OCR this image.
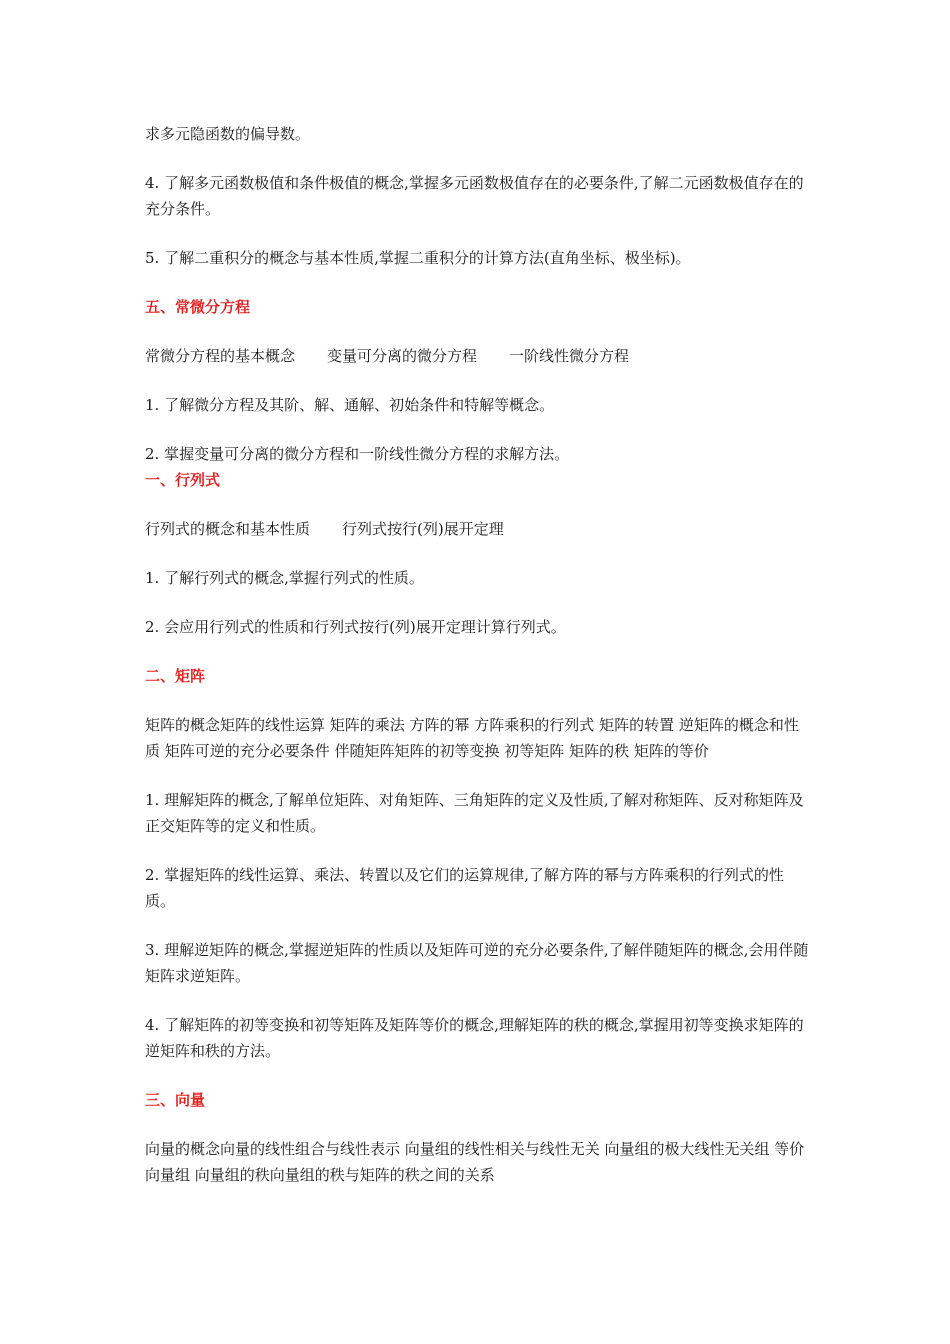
求多元隐函数的偏导数。
4. 了解多元函数极值和条件极值的概念,掌握多元函数极值存在的必要条件,了解二元函数极值存在的充分条件。
5. 了解二重积分的概念与基本性质,掌握二重积分的计算方法(直角坐标、极坐标)。
五、常微分方程
常微分方程的基本概念 变量可分离的微分方程 一阶线性微分方程
1. 了解微分方程及其阶、解、通解、初始条件和特解等概念。
2. 掌握变量可分离的微分方程和一阶线性微分方程的求解方法。
一、行列式
行列式的概念和基本性质 行列式按行(列)展开定理
1. 了解行列式的概念,掌握行列式的性质。
2. 会应用行列式的性质和行列式按行(列)展开定理计算行列式。
二、矩阵
矩阵的概念矩阵的线性运算 矩阵的乘法 方阵的幂 方阵乘积的行列式 矩阵的转置 逆矩阵的概念和性质 矩阵可逆的充分必要条件 伴随矩阵矩阵的初等变换 初等矩阵 矩阵的秩 矩阵的等价
1. 理解矩阵的概念,了解单位矩阵、对角矩阵、三角矩阵的定义及性质,了解对称矩阵、反对称矩阵及正交矩阵等的定义和性质。
2. 掌握矩阵的线性运算、乘法、转置以及它们的运算规律,了解方阵的幂与方阵乘积的行列式的性质。
3. 理解逆矩阵的概念,掌握逆矩阵的性质以及矩阵可逆的充分必要条件,了解伴随矩阵的概念,会用伴随矩阵求逆矩阵。
4. 了解矩阵的初等变换和初等矩阵及矩阵等价的概念,理解矩阵的秩的概念,掌握用初等变换求矩阵的逆矩阵和秩的方法。
三、向量
向量的概念向量的线性组合与线性表示 向量组的线性相关与线性无关 向量组的极大线性无关组 等价向量组 向量组的秩向量组的秩与矩阵的秩之间的关系
